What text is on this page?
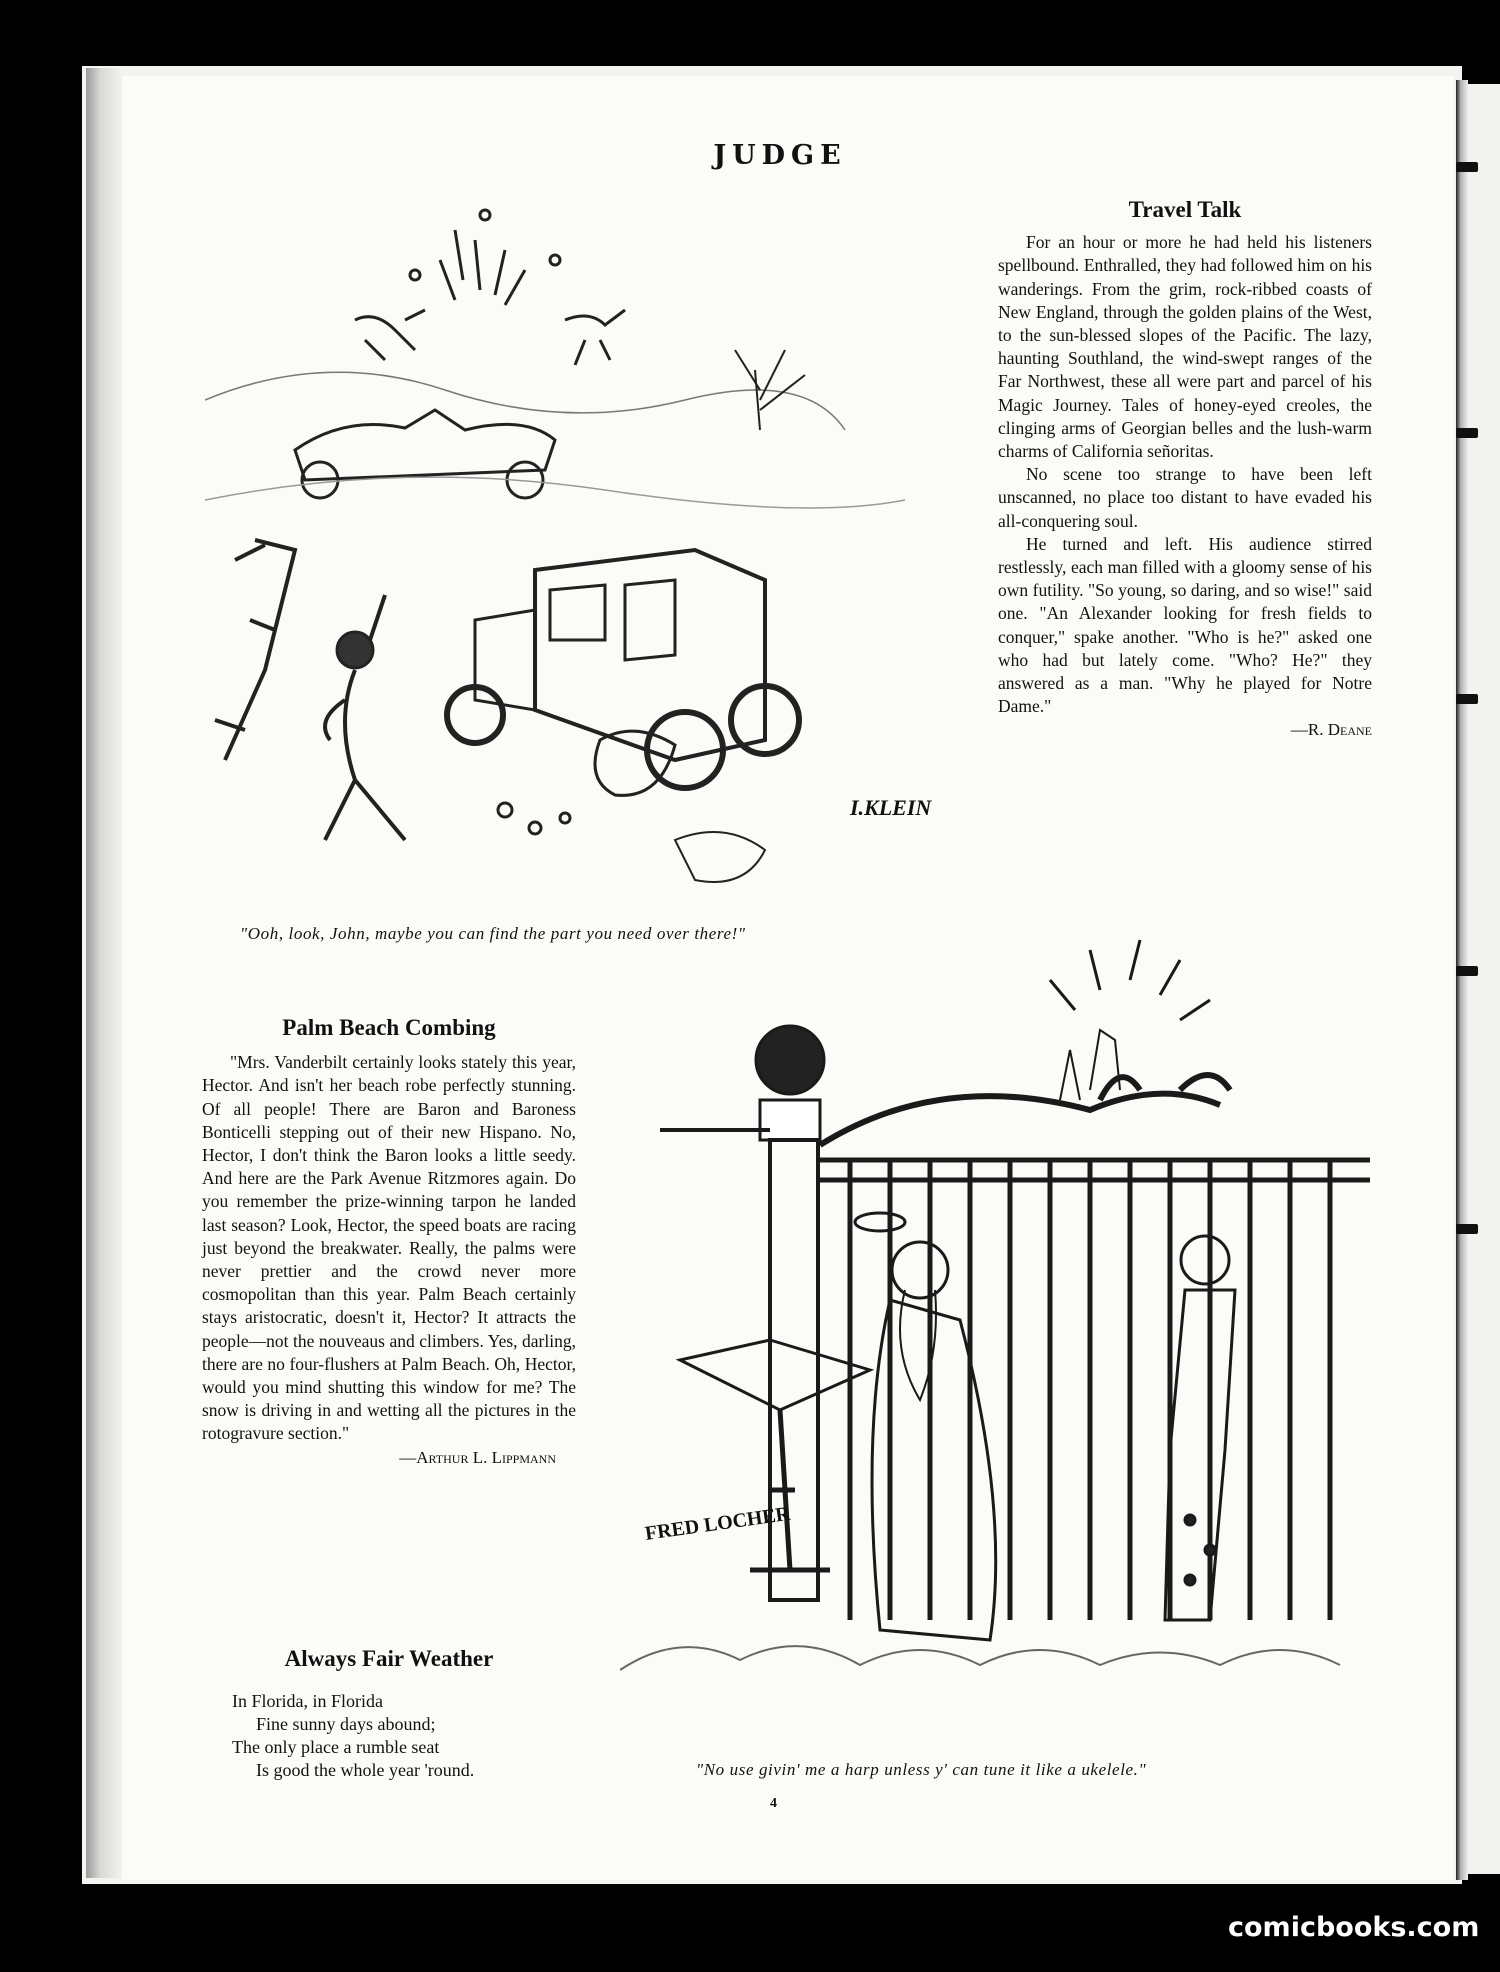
JUDGE
I.KLEIN
"Ooh, look, John, maybe you can find the part you need over there!"
Travel Talk

For an hour or more he had held his listeners spellbound. Enthralled, they had followed him on his wanderings. From the grim, rock-ribbed coasts of New England, through the golden plains of the West, to the sun-blessed slopes of the Pacific. The lazy, haunting Southland, the wind-swept ranges of the Far Northwest, these all were part and parcel of his Magic Journey. Tales of honey-eyed creoles, the clinging arms of Georgian belles and the lush-warm charms of California señoritas.

No scene too strange to have been left unscanned, no place too distant to have evaded his all-conquering soul.

He turned and left. His audience stirred restlessly, each man filled with a gloomy sense of his own futility. "So young, so daring, and so wise!" said one. "An Alexander looking for fresh fields to conquer," spake another. "Who is he?" asked one who had but lately come. "Who? He?" they answered as a man. "Why he played for Notre Dame."

—R. Deane
Palm Beach Combing

"Mrs. Vanderbilt certainly looks stately this year, Hector. And isn't her beach robe perfectly stunning. Of all people! There are Baron and Baroness Bonticelli stepping out of their new Hispano. No, Hector, I don't think the Baron looks a little seedy. And here are the Park Avenue Ritzmores again. Do you remember the prize-winning tarpon he landed last season? Look, Hector, the speed boats are racing just beyond the breakwater. Really, the palms were never prettier and the crowd never more cosmopolitan than this year. Palm Beach certainly stays aristocratic, doesn't it, Hector? It attracts the people—not the nouveaus and climbers. Yes, darling, there are no four-flushers at Palm Beach. Oh, Hector, would you mind shutting this window for me? The snow is driving in and wetting all the pictures in the rotogravure section."

—Arthur L. Lippmann
Always Fair Weather
In Florida, in Florida
Fine sunny days abound;
The only place a rumble seat
Is good the whole year 'round.
FRED LOCHER
"No use givin' me a harp unless y' can tune it like a ukelele."
4
comicbooks.com
